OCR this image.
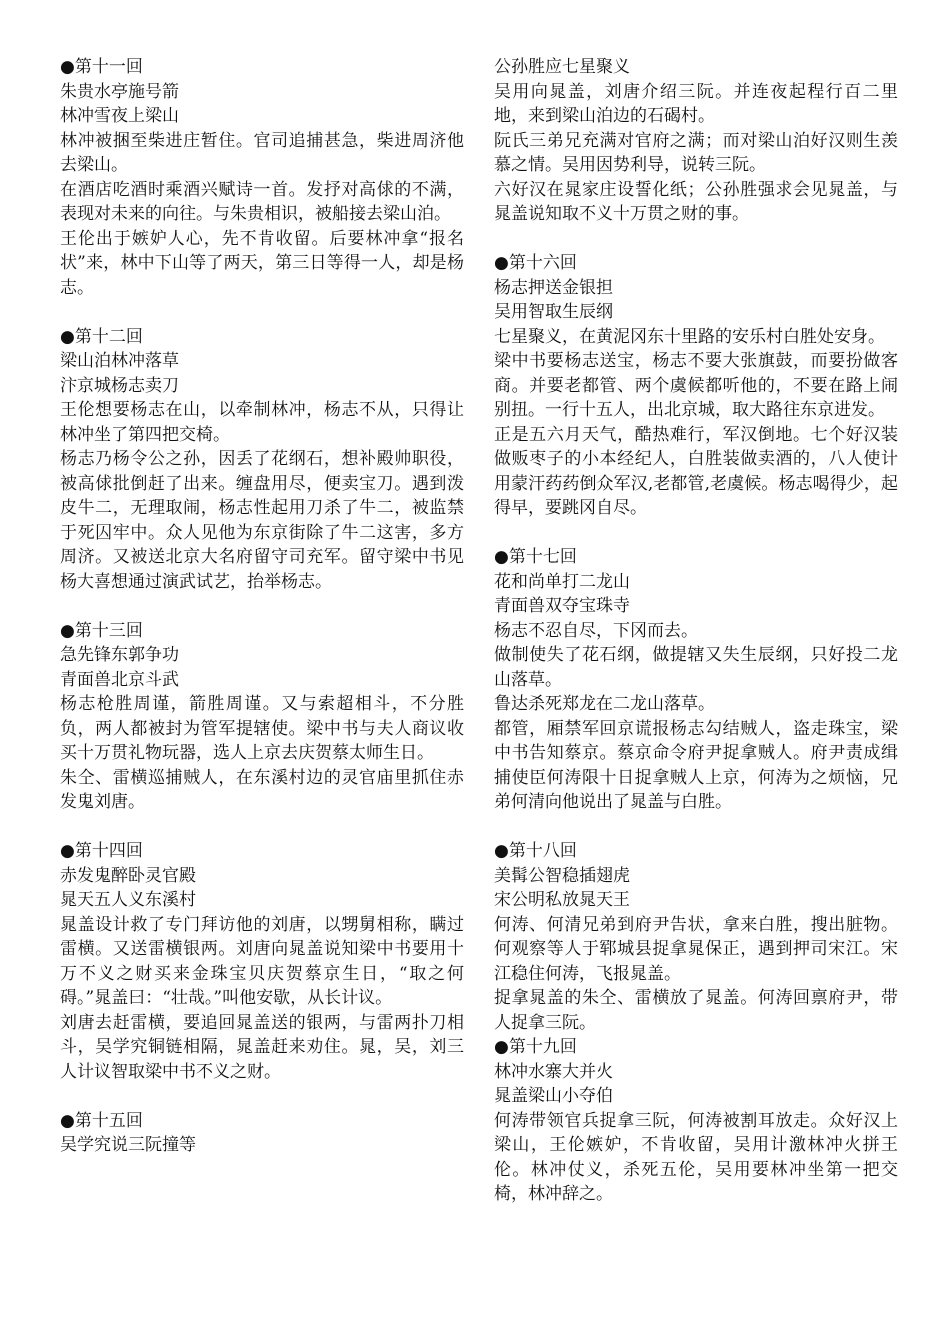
●第十一回
朱贵水亭施号箭
林冲雪夜上梁山
林冲被捆至柴进庄暂住。官司追捕甚急，柴进周济他去梁山。
在酒店吃酒时乘酒兴赋诗一首。发抒对高俅的不满，表现对未来的向往。与朱贵相识，被船接去梁山泊。
王伦出于嫉妒人心，先不肯收留。后要林冲拿“报名状”来，林中下山等了两天，第三日等得一人，却是杨志。
●第十二回
梁山泊林冲落草
汴京城杨志卖刀
王伦想要杨志在山，以牵制林冲，杨志不从，只得让林冲坐了第四把交椅。
杨志乃杨令公之孙，因丢了花纲石，想补殿帅职役，被高俅批倒赶了出来。缠盘用尽，便卖宝刀。遇到泼皮牛二，无理取闹，杨志性起用刀杀了牛二，被监禁于死囚牢中。众人见他为东京街除了牛二这害，多方周济。又被送北京大名府留守司充军。留守梁中书见杨大喜想通过演武试艺，抬举杨志。
●第十三回
急先锋东郭争功
青面兽北京斗武
杨志枪胜周谨，箭胜周谨。又与索超相斗，不分胜负，两人都被封为管军提辖使。梁中书与夫人商议收买十万贯礼物玩器，选人上京去庆贺蔡太师生日。
朱仝、雷横巡捕贼人，在东溪村边的灵官庙里抓住赤发鬼刘唐。
●第十四回
赤发鬼醉卧灵官殿
晁天五人义东溪村
晁盖设计救了专门拜访他的刘唐，以甥舅相称，瞒过雷横。又送雷横银两。刘唐向晁盖说知梁中书要用十万不义之财买来金珠宝贝庆贺蔡京生日，“取之何碍。”晁盖曰：“壮哉。”叫他安歇，从长计议。
刘唐去赶雷横，要追回晁盖送的银两，与雷两扑刀相斗，吴学究铜链相隔，晁盖赶来劝住。晁，吴，刘三人计议智取梁中书不义之财。
●第十五回
吴学究说三阮撞等
公孙胜应七星聚义
吴用向晁盖，刘唐介绍三阮。并连夜起程行百二里地，来到梁山泊边的石碣村。
阮氏三弟兄充满对官府之满；而对梁山泊好汉则生羡慕之情。吴用因势利导，说转三阮。
六好汉在晁家庄设誓化纸；公孙胜强求会见晁盖，与晁盖说知取不义十万贯之财的事。
●第十六回
杨志押送金银担
吴用智取生辰纲
七星聚义，在黄泥冈东十里路的安乐村白胜处安身。
梁中书要杨志送宝，杨志不要大张旗鼓，而要扮做客商。并要老都管、两个虞候都听他的，不要在路上闹别扭。一行十五人，出北京城，取大路往东京进发。
正是五六月天气，酷热难行，军汉倒地。七个好汉装做贩枣子的小本经纪人，白胜装做卖酒的，八人使计用蒙汗药药倒众军汉,老都管,老虞候。杨志喝得少，起得早，要跳冈自尽。
●第十七回
花和尚单打二龙山
青面兽双夺宝珠寺
杨志不忍自尽，下冈而去。
做制使失了花石纲，做提辖又失生辰纲，只好投二龙山落草。
鲁达杀死郑龙在二龙山落草。
都管，厢禁军回京谎报杨志勾结贼人，盗走珠宝，梁中书告知蔡京。蔡京命令府尹捉拿贼人。府尹责成缉捕使臣何涛限十日捉拿贼人上京，何涛为之烦恼，兄弟何清向他说出了晁盖与白胜。
●第十八回
美髯公智稳插翅虎
宋公明私放晁天王
何涛、何清兄弟到府尹告状，拿来白胜，搜出脏物。何观察等人于郓城县捉拿晁保正，遇到押司宋江。宋江稳住何涛，飞报晁盖。
捉拿晁盖的朱仝、雷横放了晁盖。何涛回禀府尹，带人捉拿三阮。
●第十九回
林冲水寨大并火
晁盖梁山小夺伯
何涛带领官兵捉拿三阮，何涛被割耳放走。众好汉上梁山，王伦嫉妒，不肯收留，吴用计激林冲火拼王伦。林冲仗义，杀死五伦，吴用要林冲坐第一把交椅，林冲辞之。
